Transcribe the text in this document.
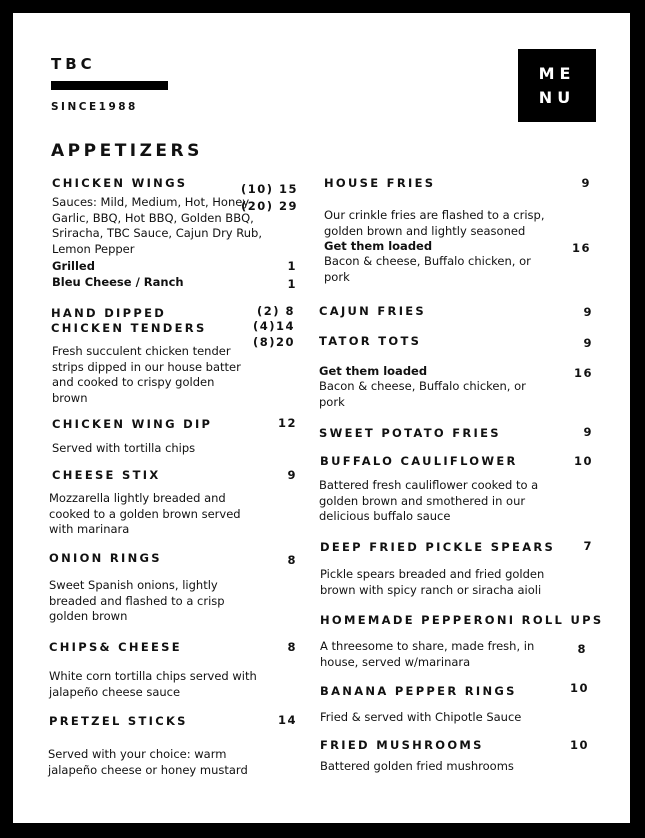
TBC
SINCE1988
ME
NU
APPETIZERS
CHICKEN WINGS	(10) 15
(20) 29
Sauces: Mild, Medium, Hot, Honey Garlic, BBQ, Hot BBQ, Golden BBQ, Sriracha, TBC Sauce, Cajun Dry Rub, Lemon Pepper
Grilled	1
Bleu Cheese / Ranch	1
HAND DIPPED
CHICKEN TENDERS
(2) 8
(4)14
(8)20
Fresh succulent chicken tender strips dipped in our house batter and cooked to crispy golden brown
CHICKEN WING DIP	12
Served with tortilla chips
CHEESE STIX	9
Mozzarella lightly breaded and cooked to a golden brown served with marinara
ONION RINGS	8
Sweet Spanish onions, lightly breaded and flashed to a crisp golden brown
CHIPS& CHEESE	8
White corn tortilla chips served with jalapeño cheese sauce
PRETZEL STICKS	14
Served with your choice: warm jalapeño cheese or honey mustard
HOUSE FRIES	9
Our crinkle fries are flashed to a crisp, golden brown and lightly seasoned
Get them loaded	16
Bacon & cheese, Buffalo chicken, or pork
CAJUN FRIES	9
TATOR TOTS	9
Get them loaded	16
Bacon & cheese, Buffalo chicken, or pork
SWEET POTATO FRIES	9
BUFFALO CAULIFLOWER	10
Battered fresh cauliflower cooked to a golden brown and smothered in our delicious buffalo sauce
DEEP FRIED PICKLE SPEARS	7
Pickle spears breaded and fried golden brown with spicy ranch or siracha aioli
HOMEMADE PEPPERONI ROLL UPS
8
A threesome to share, made fresh, in house, served w/marinara
BANANA PEPPER RINGS	10
Fried & served with Chipotle Sauce
FRIED MUSHROOMS	10
Battered golden fried mushrooms
